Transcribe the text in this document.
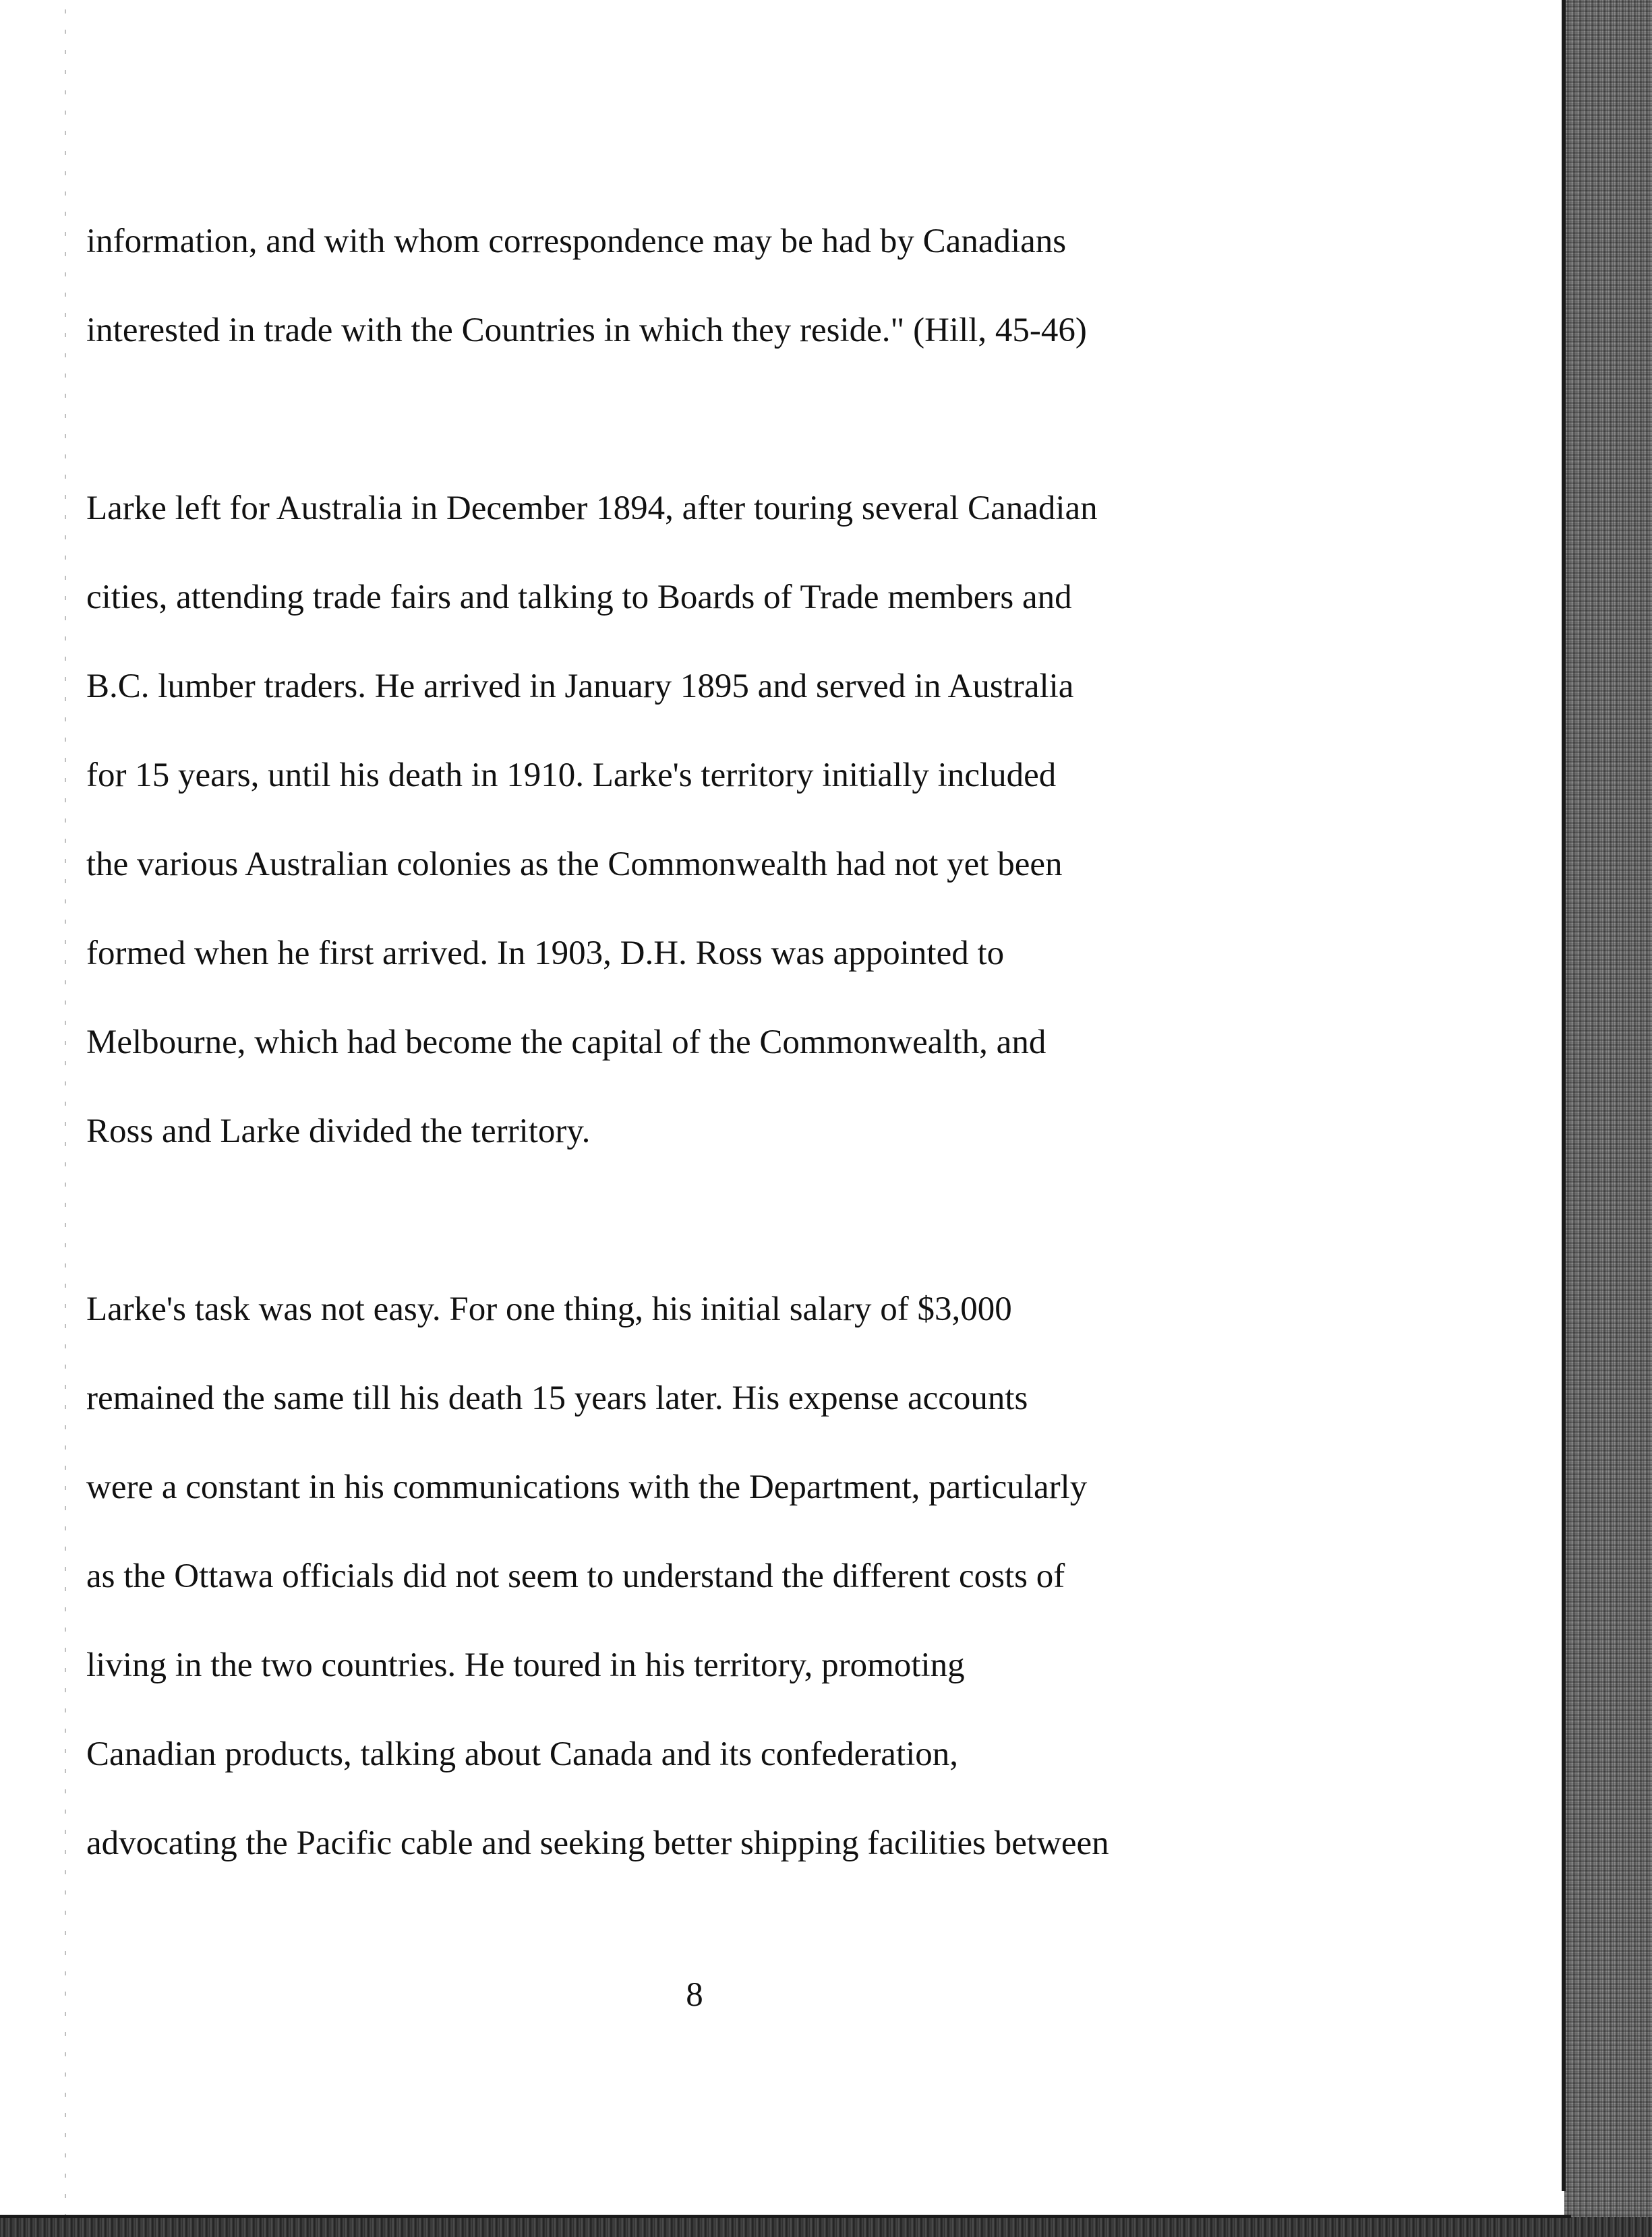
information, and with whom correspondence may be had by Canadians
interested in trade with the Countries in which they reside." (Hill, 45-46)
Larke left for Australia in December 1894, after touring several Canadian
cities, attending trade fairs and talking to Boards of Trade members and
B.C. lumber traders. He arrived in January 1895 and served in Australia
for 15 years, until his death in 1910. Larke's territory initially included
the various Australian colonies as the Commonwealth had not yet been
formed when he first arrived. In 1903, D.H. Ross was appointed to
Melbourne, which had become the capital of the Commonwealth, and
Ross and Larke divided the territory.
Larke's task was not easy. For one thing, his initial salary of $3,000
remained the same till his death 15 years later. His expense accounts
were a constant in his communications with the Department, particularly
as the Ottawa officials did not seem to understand the different costs of
living in the two countries. He toured in his territory, promoting
Canadian products, talking about Canada and its confederation,
advocating the Pacific cable and seeking better shipping facilities between
8
